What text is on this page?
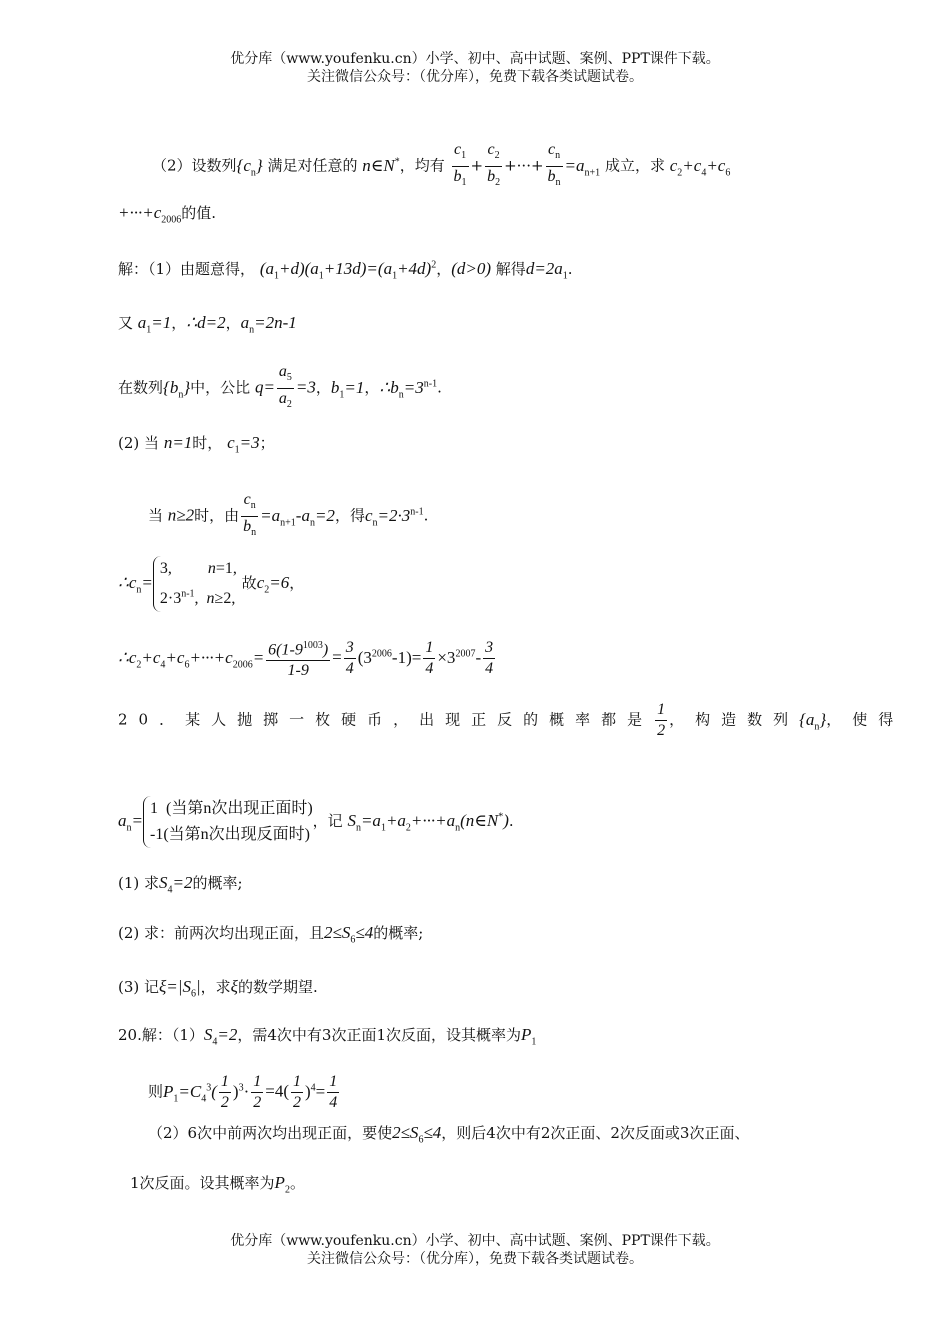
优分库（www.youfenku.cn）小学、初中、高中试题、案例、PPT课件下载。
关注微信公众号：（优分库），免费下载各类试题试卷。
（2）设数列$\{c_n\}$ 满足对任意的 n∈N*，均有 $\frac{c_1}{b_1} + \frac{c_2}{b_2}$ +···+ $\frac{c_n}{b_n} =a_{n+1}$ 成立，求 $c_2+c_4+c_6$
$+\cdot\cdot\cdot+c_{2006}$的值.
解：（1）由题意得， $(a_1+d)(a_1+13d)=(a_1+4d)^2$，(d>0) 解得$d=2a_1$.
又 $a_1=1$，∴d=2，$a_n=2n-1$
在数列$\{b_n\}$中，公比 $q= \frac{a_5}{a_2} =3$，$b_1=1$，$\therefore b_n=3^{n-1}$.
(2) 当 n=1时， $c_1=3$；
当 n≥2时，由 $\frac{c_n}{b_n} =a_{n+1}-a_n=2$，得$c_n=2\cdot 3^{n-1}$.
$\therefore c_n=3$,         n=1,
$2\cdot 3^{n-1}$,  n≥2, 故$c_2=6$，
$\therefore c_2+c_4+c_6+\cdot\cdot\cdot+c_{2006}= \frac{6(1-9^{1003})}{1-9} = \frac{3}{4} (3^{2006}-1)= \frac{1}{4} \times 3^{2007}- \frac{3}{4}$
20．某人抛掷一枚硬币，出现正反的概率都是 $\frac{1}{2}$ ，构造数列$\{a_n\}$，使得
$a_n=1$  (当第n次出现正面时)
-1(当第n次出现反面时)，记 $S_n=a_1+a_2+\cdot\cdot\cdot+a_n(n\in N^*)$.
(1) 求$S_4=2$的概率;
(2) 求：前两次均出现正面，且$2\le S_6\le 4$的概率;
(3) 记$\xi=|S_6|$，求ξ的数学期望.
20.解：$(1)S_4=2$，需4次中有3次正面1次反面，设其概率为$P_1$
则$P_1=C_4^3( \frac{1}{2} )^3\cdot \frac{1}{2} =4( \frac{1}{2} )^4= \frac{1}{4}$
（2）6次中前两次均出现正面，要使$2\le S_6\le 4$，则后4次中有2次正面、2次反面或3次正面、
1次反面。设其概率为$P_2$。
优分库（www.youfenku.cn）小学、初中、高中试题、案例、PPT课件下载。
关注微信公众号：（优分库），免费下载各类试题试卷。
